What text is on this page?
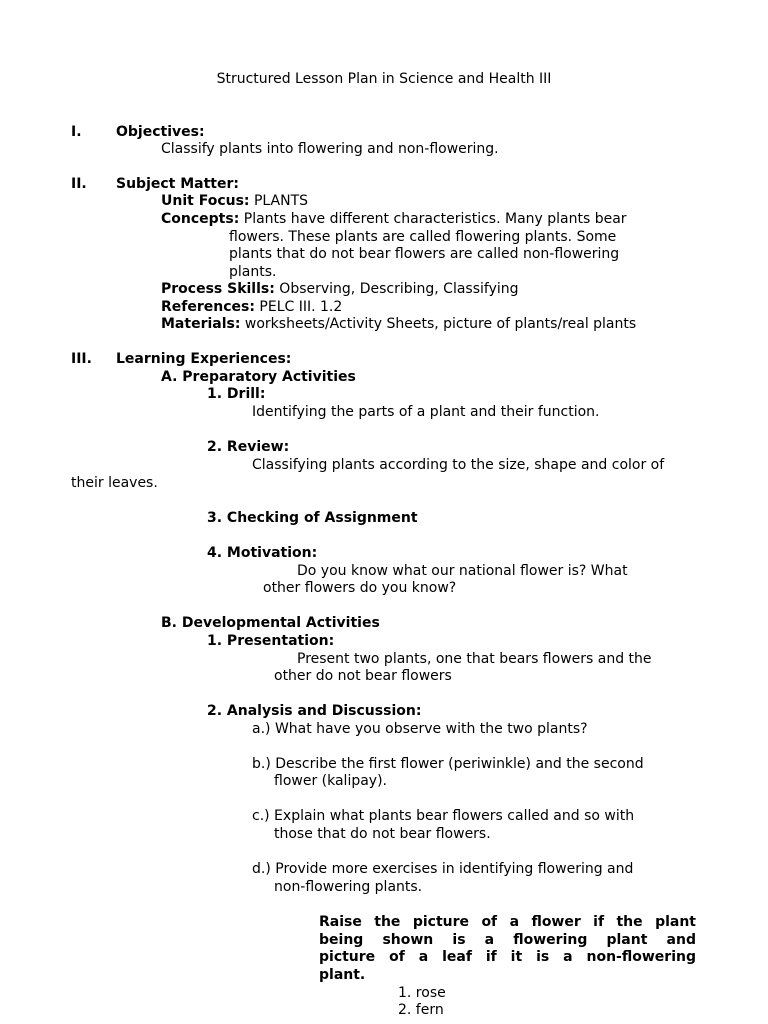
Structured Lesson Plan in Science and Health III
I. Objectives:
Classify plants into flowering and non-flowering.
II. Subject Matter:
Unit Focus: PLANTS
Concepts: Plants have different characteristics. Many plants bear
flowers. These plants are called flowering plants. Some
plants that do not bear flowers are called non-flowering
plants.
Process Skills: Observing, Describing, Classifying
References: PELC III. 1.2
Materials: worksheets/Activity Sheets, picture of plants/real plants
III. Learning Experiences:
A. Preparatory Activities
1. Drill:
Identifying the parts of a plant and their function.
2. Review:
Classifying plants according to the size, shape and color of
their leaves.
3. Checking of Assignment
4. Motivation:
Do you know what our national flower is? What
other flowers do you know?
B. Developmental Activities
1. Presentation:
Present two plants, one that bears flowers and the
other do not bear flowers
2. Analysis and Discussion:
a.) What have you observe with the two plants?
b.) Describe the first flower (periwinkle) and the second
flower (kalipay).
c.) Explain what plants bear flowers called and so with
those that do not bear flowers.
d.) Provide more exercises in identifying flowering and
non-flowering plants.
Raise the picture of a flower if the plant
being shown is a flowering plant and
picture of a leaf if it is a non-flowering
plant.
1. rose
2. fern
